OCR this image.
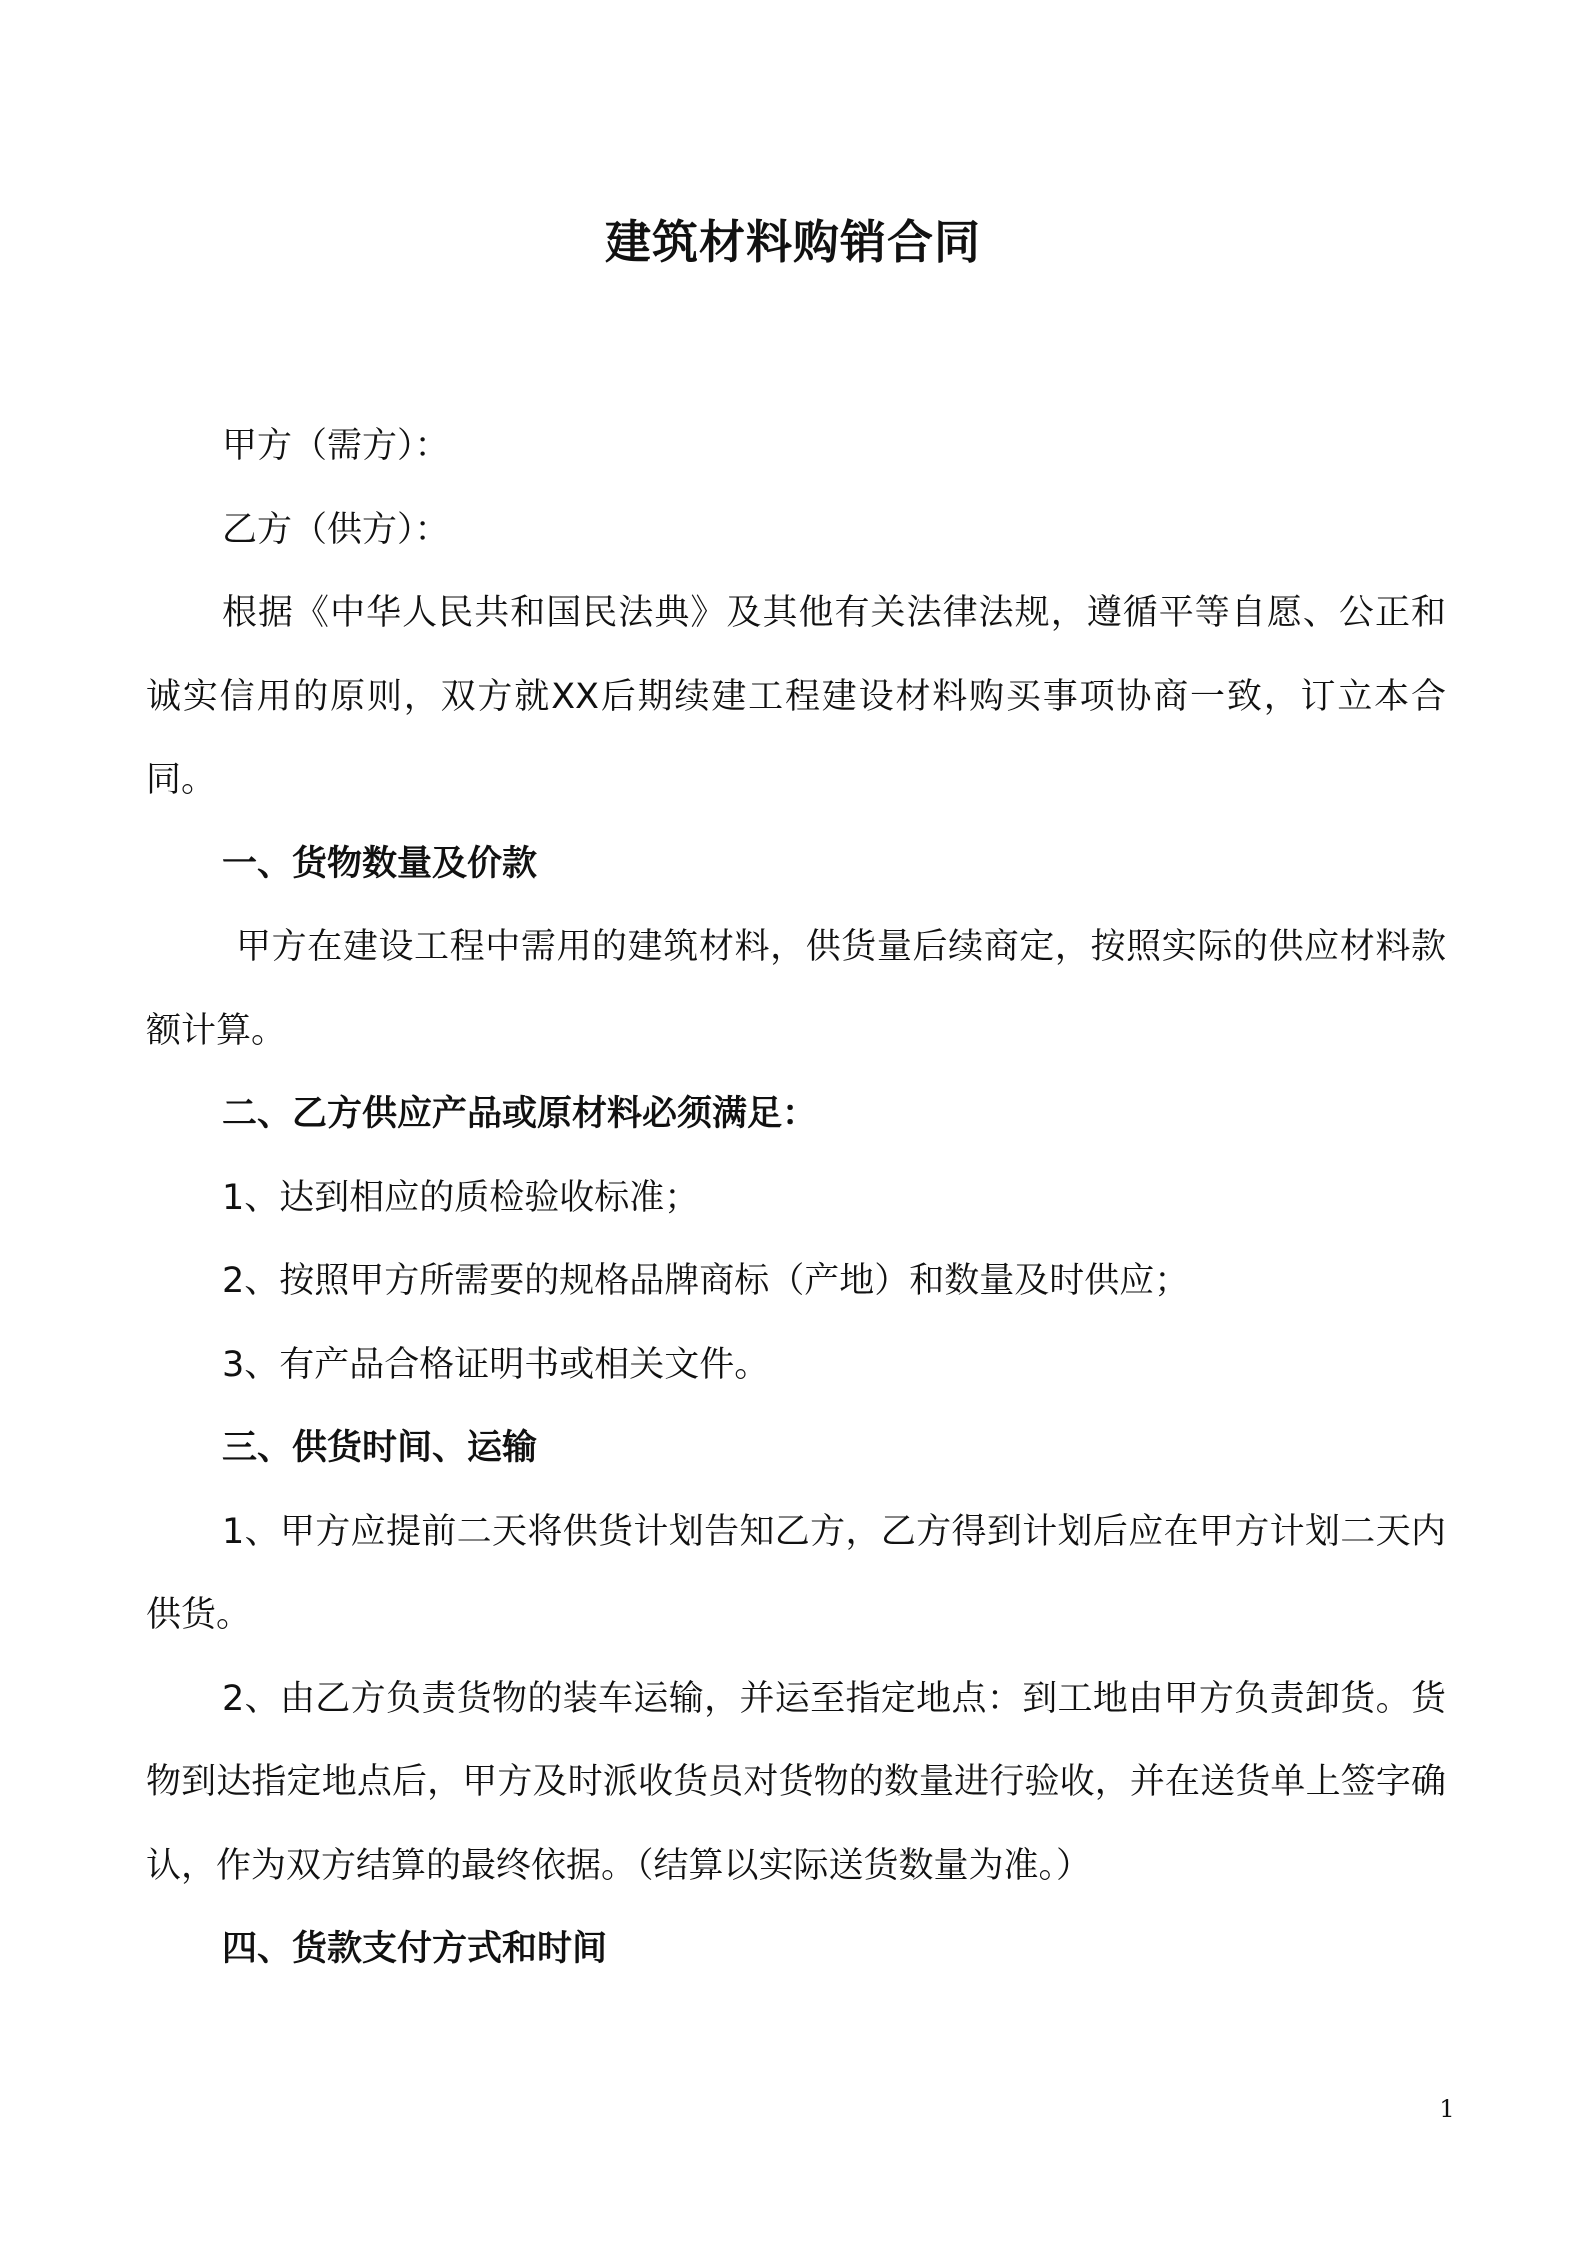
建筑材料购销合同

甲方（需方）：

乙方（供方）：

根据《中华人民共和国民法典》及其他有关法律法规，遵循平等自愿、公正和诚实信用的原则，双方就XX后期续建工程建设材料购买事项协商一致，订立本合同。

一、货物数量及价款

甲方在建设工程中需用的建筑材料，供货量后续商定，按照实际的供应材料款额计算。

二、乙方供应产品或原材料必须满足：

1、达到相应的质检验收标准；

2、按照甲方所需要的规格品牌商标（产地）和数量及时供应；

3、有产品合格证明书或相关文件。

三、供货时间、运输

1、甲方应提前二天将供货计划告知乙方，乙方得到计划后应在甲方计划二天内供货。

2、由乙方负责货物的装车运输，并运至指定地点：到工地由甲方负责卸货。货物到达指定地点后，甲方及时派收货员对货物的数量进行验收，并在送货单上签字确认，作为双方结算的最终依据。（结算以实际送货数量为准。）

四、货款支付方式和时间

1
